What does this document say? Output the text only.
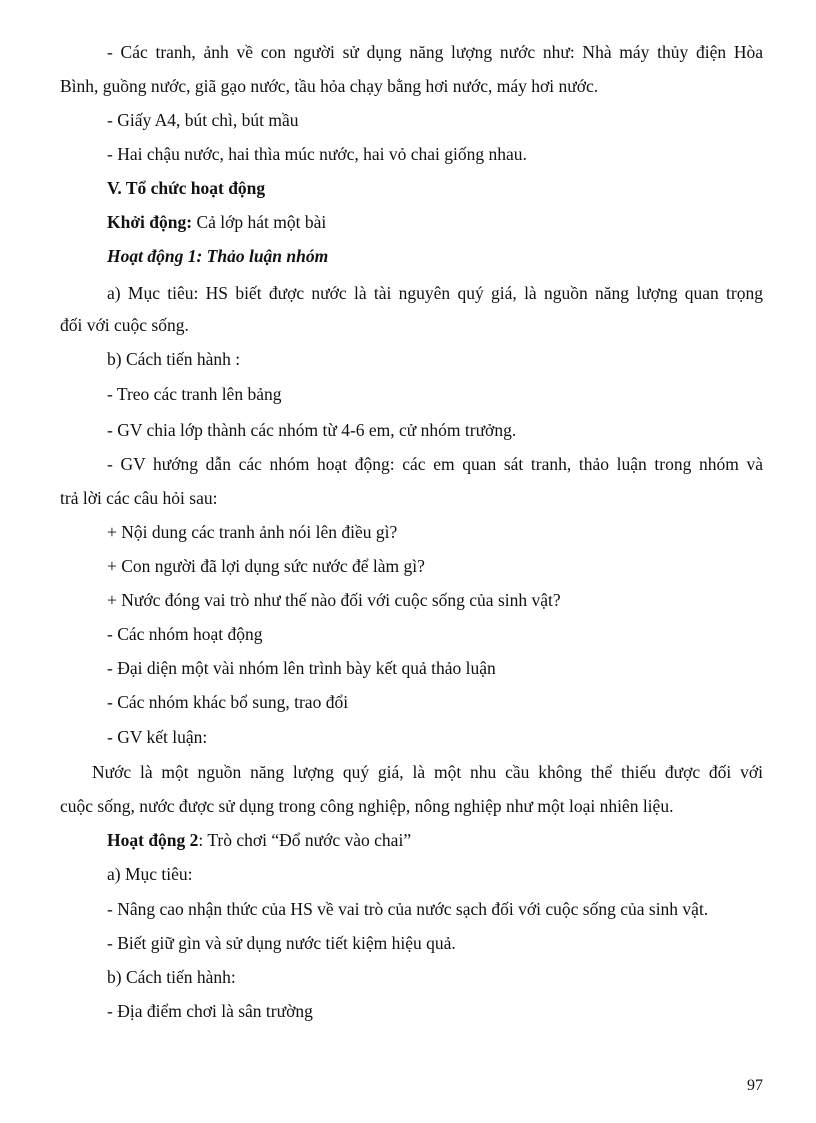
- Các tranh, ảnh về con người sử dụng năng lượng nước như: Nhà máy thủy điện Hòa
Bình, guồng nước, giã gạo nước, tầu hỏa chạy bằng hơi nước, máy hơi nước.
- Giấy A4, bút chì, bút mầu
- Hai chậu nước, hai thìa múc nước, hai vỏ chai giống nhau.
V. Tổ chức hoạt động
Khởi động: Cả lớp hát một bài
Hoạt động 1: Thảo luận nhóm
a) Mục tiêu: HS biết được nước là tài nguyên quý giá, là nguồn năng lượng quan trọng
đối với cuộc sống.
b) Cách tiến hành :
- Treo các tranh lên bảng
- GV chia lớp thành các nhóm từ 4-6 em, cử nhóm trưởng.
- GV hướng dẫn các nhóm hoạt động: các em quan sát tranh, thảo luận trong nhóm và
trả lời các câu hỏi sau:
+ Nội dung các tranh ảnh nói lên điều gì?
+ Con người đã lợi dụng sức nước để làm gì?
+ Nước đóng vai trò như thế nào đối với cuộc sống của sinh vật?
- Các nhóm hoạt động
- Đại diện một vài nhóm lên trình bày kết quả thảo luận
- Các nhóm khác bổ sung, trao đổi
- GV kết luận:
Nước là một nguồn năng lượng quý giá, là một nhu cầu không thể thiếu được đối với
cuộc sống, nước được sử dụng trong công nghiệp, nông nghiệp như một loại nhiên liệu.
Hoạt động 2: Trò chơi “Đổ nước vào chai”
a) Mục tiêu:
- Nâng cao nhận thức của HS về vai trò của nước sạch đối với cuộc sống của sinh vật.
- Biết giữ gìn và sử dụng nước tiết kiệm hiệu quả.
b) Cách tiến hành:
- Địa điểm chơi là sân trường
97
